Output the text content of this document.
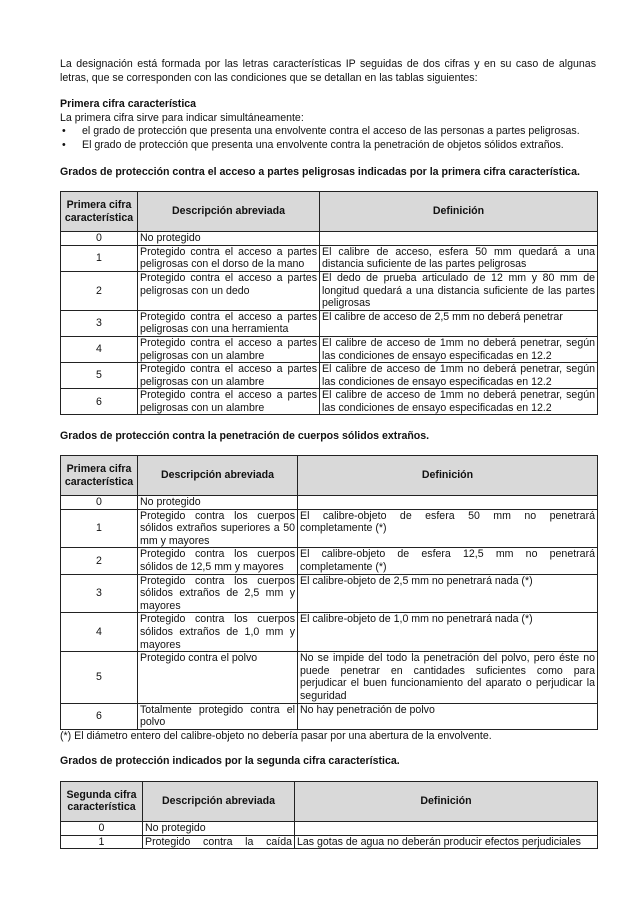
La designación está formada por las letras características IP seguidas de dos cifras y en su caso de algunas letras, que se corresponden con las condiciones que se detallan en las tablas siguientes:

Primera cifra característica

La primera cifra sirve para indicar simultáneamente:

• el grado de protección que presenta una envolvente contra el acceso de las personas a partes peligrosas.
• El grado de protección que presenta una envolvente contra la penetración de objetos sólidos extraños.

Grados de protección contra el acceso a partes peligrosas indicadas por la primera cifra característica.

Primera cifra característica	Descripción abreviada	Definición
0	No protegido	
1	Protegido contra el acceso a partes peligrosas con el dorso de la mano	El calibre de acceso, esfera 50 mm quedará a una distancia suficiente de las partes peligrosas
2	Protegido contra el acceso a partes peligrosas con un dedo	El dedo de prueba articulado de 12 mm y 80 mm de longitud quedará a una distancia suficiente de las partes peligrosas
3	Protegido contra el acceso a partes peligrosas con una herramienta	El calibre de acceso de 2,5 mm no deberá penetrar
4	Protegido contra el acceso a partes peligrosas con un alambre	El calibre de acceso de 1mm no deberá penetrar, según las condiciones de ensayo especificadas en 12.2
5	Protegido contra el acceso a partes peligrosas con un alambre	El calibre de acceso de 1mm no deberá penetrar, según las condiciones de ensayo especificadas en 12.2
6	Protegido contra el acceso a partes peligrosas con un alambre	El calibre de acceso de 1mm no deberá penetrar, según las condiciones de ensayo especificadas en 12.2

Grados de protección contra la penetración de cuerpos sólidos extraños.

Primera cifra característica	Descripción abreviada	Definición
0	No protegido	
1	Protegido contra los cuerpos sólidos extraños superiores a 50 mm y mayores	El calibre-objeto de esfera 50 mm no penetrará completamente (*)
2	Protegido contra los cuerpos sólidos de 12,5 mm y mayores	El calibre-objeto de esfera 12,5 mm no penetrará completamente (*)
3	Protegido contra los cuerpos sólidos extraños de 2,5 mm y mayores	El calibre-objeto de 2,5 mm no penetrará nada (*)
4	Protegido contra los cuerpos sólidos extraños de 1,0 mm y mayores	El calibre-objeto de 1,0 mm no penetrará nada (*)
5	Protegido contra el polvo	No se impide del todo la penetración del polvo, pero éste no puede penetrar en cantidades suficientes como para perjudicar el buen funcionamiento del aparato o perjudicar la seguridad
6	Totalmente protegido contra el polvo	No hay penetración de polvo

(*) El diámetro entero del calibre-objeto no debería pasar por una abertura de la envolvente.

Grados de protección indicados por la segunda cifra característica.

Segunda cifra característica	Descripción abreviada	Definición
0	No protegido	
1	Protegido contra la caída	Las gotas de agua no deberán producir efectos perjudiciales
